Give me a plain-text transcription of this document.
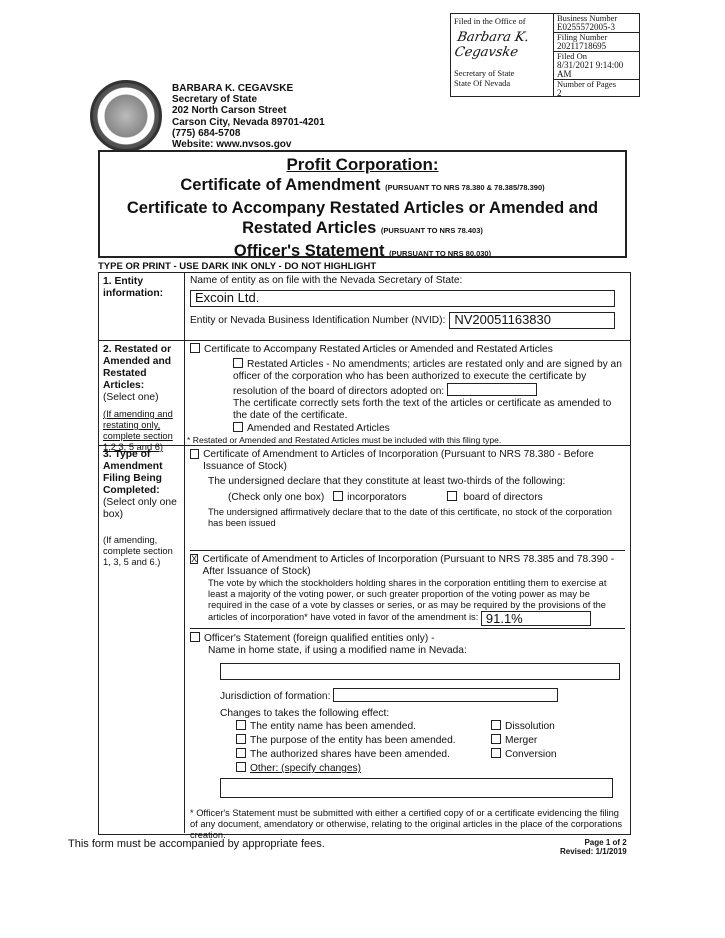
Filed in the Office of
Barbara K. Cegavske
Secretary of State
State Of Nevada
Business Number
E0255572005-3
Filing Number
20211718695
Filed On
8/31/2021 9:14:00 AM
Number of Pages
2
BARBARA K. CEGAVSKE
Secretary of State
202 North Carson Street
Carson City, Nevada 89701-4201
(775) 684-5708
Website: www.nvsos.gov
Profit Corporation:
Certificate of Amendment (PURSUANT TO NRS 78.380 & 78.385/78.390)
Certificate to Accompany Restated Articles or Amended and
Restated Articles (PURSUANT TO NRS 78.403)
Officer's Statement (PURSUANT TO NRS 80.030)
TYPE OR PRINT - USE DARK INK ONLY - DO NOT HIGHLIGHT
1. Entity information:
Name of entity as on file with the Nevada Secretary of State:
Excoin Ltd.
Entity or Nevada Business Identification Number (NVID): NV20051163830
2. Restated or Amended and Restated Articles:
(Select one)
(If amending and restating only, complete section 1,2 3, 5 and 6)
Certificate to Accompany Restated Articles or Amended and Restated Articles
Restated Articles - No amendments; articles are restated only and are signed by an officer of the corporation who has been authorized to execute the certificate by resolution of the board of directors adopted on:
The certificate correctly sets forth the text of the articles or certificate as amended to the date of the certificate.
Amended and Restated Articles
* Restated or Amended and Restated Articles must be included with this filing type.
3. Type of Amendment Filing Being Completed:
(Select only one box)
(If amending, complete section 1, 3, 5 and 6.)
Certificate of Amendment to Articles of Incorporation (Pursuant to NRS 78.380 - Before Issuance of Stock)
The undersigned declare that they constitute at least two-thirds of the following:
(Check only one box) incorporators	board of directors
The undersigned affirmatively declare that to the date of this certificate, no stock of the corporation has been issued
X Certificate of Amendment to Articles of Incorporation (Pursuant to NRS 78.385 and 78.390 - After Issuance of Stock)
The vote by which the stockholders holding shares in the corporation entitling them to exercise at least a majority of the voting power, or such greater proportion of the voting power as may be required in the case of a vote by classes or series, or as may be required by the provisions of the articles of incorporation* have voted in favor of the amendment is: 91.1%
Officer's Statement (foreign qualified entities only) -
Name in home state, if using a modified name in Nevada:
Jurisdiction of formation:
Changes to takes the following effect:
The entity name has been amended.
The purpose of the entity has been amended.
The authorized shares have been amended.
Other: (specify changes)
Dissolution
Merger
Conversion
* Officer's Statement must be submitted with either a certified copy of or a certificate evidencing the filing of any document, amendatory or otherwise, relating to the original articles in the place of the corporations creation.
This form must be accompanied by appropriate fees.	Page 1 of 2
Revised: 1/1/2019
